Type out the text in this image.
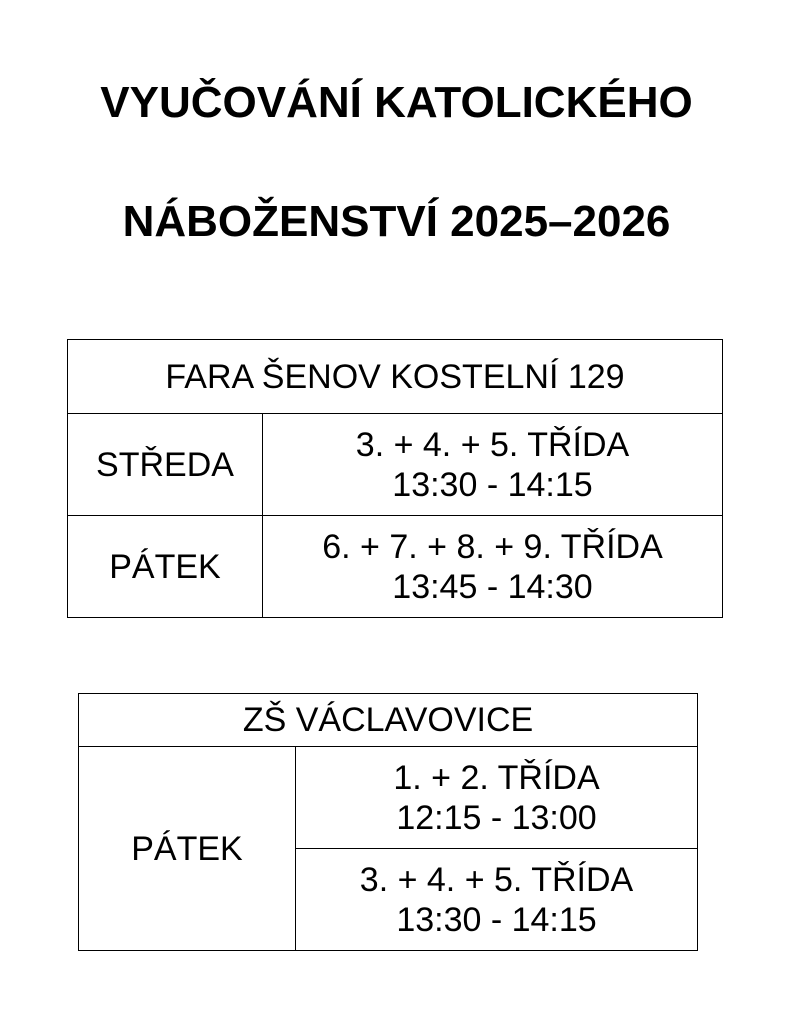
VYUČOVÁNÍ KATOLICKÉHO
NÁBOŽENSTVÍ 2025–2026
FARA ŠENOV KOSTELNÍ 129	
STŘEDA	3. + 4. + 5. TŘÍDA
13:30 - 14:15

PÁTEK	6. + 7. + 8. + 9. TŘÍDA
13:45 - 14:30
ZŠ VÁCLAVOVICE
PÁTEK	
1. + 2. TŘÍDA
12:15 - 13:00

3. + 4. + 5. TŘÍDA
13:30 - 14:15
